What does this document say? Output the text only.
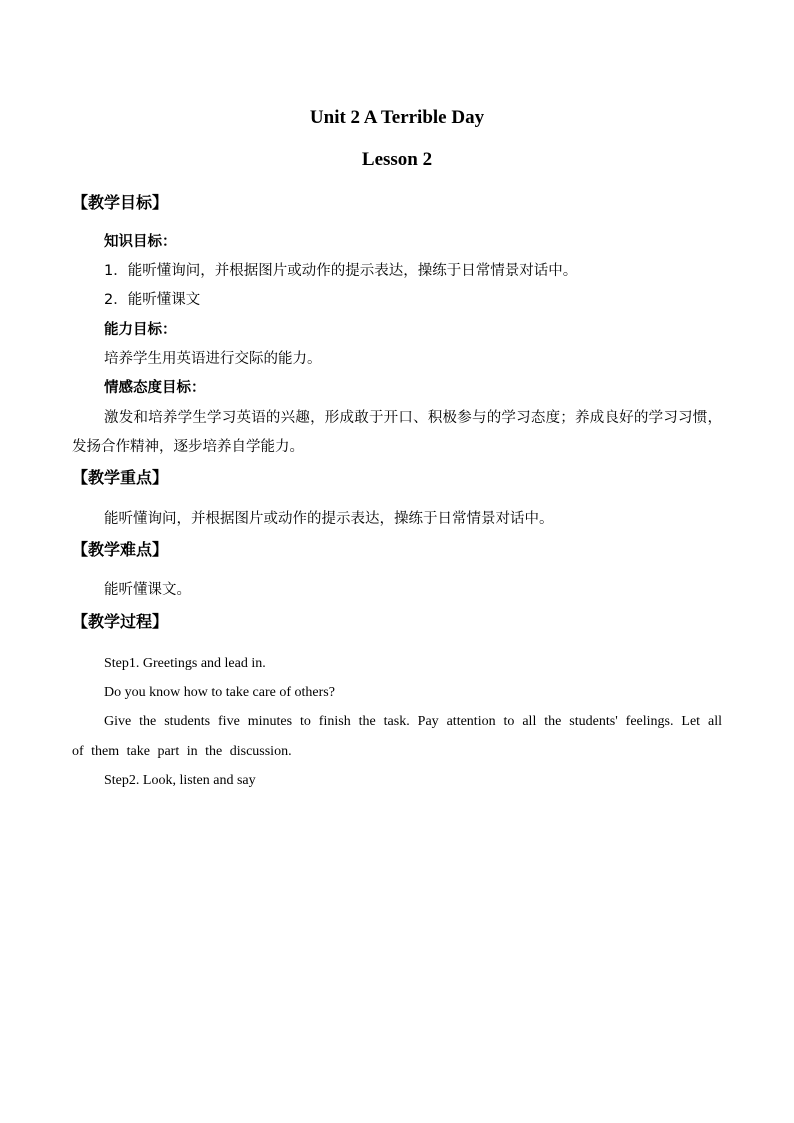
Unit 2 A Terrible Day
Lesson 2
【教学目标】
知识目标：
1．能听懂询问，并根据图片或动作的提示表达，操练于日常情景对话中。
2．能听懂课文
能力目标：
培养学生用英语进行交际的能力。
情感态度目标：
激发和培养学生学习英语的兴趣，形成敢于开口、积极参与的学习态度；养成良好的学习习惯，发扬合作精神，逐步培养自学能力。
【教学重点】
能听懂询问，并根据图片或动作的提示表达，操练于日常情景对话中。
【教学难点】
能听懂课文。
【教学过程】
Step1. Greetings and lead in.
Do you know how to take care of others?
Give the students five minutes to finish the task. Pay attention to all the students' feelings. Let all of them take part in the discussion.
Step2. Look, listen and say
